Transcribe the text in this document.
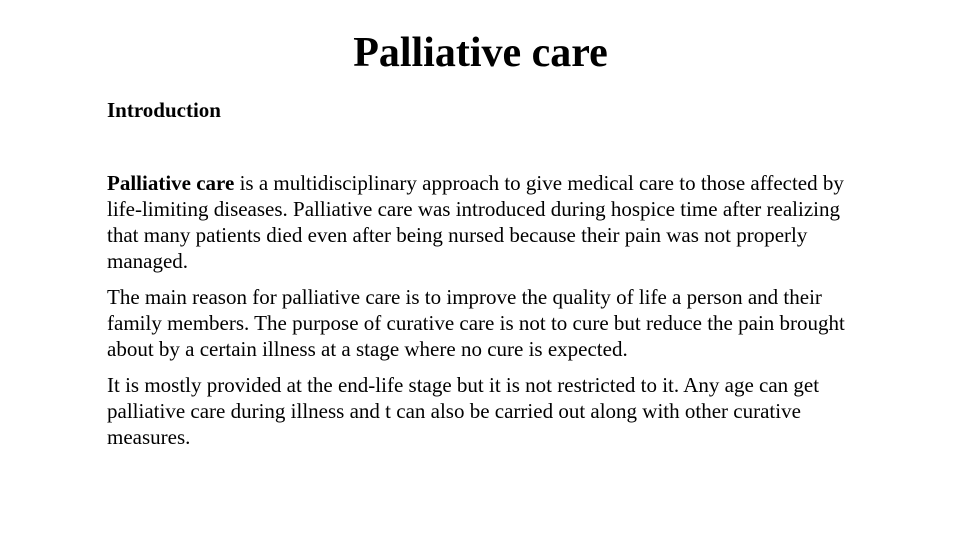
Palliative care

Introduction

Palliative care is a multidisciplinary approach to give medical care to those affected by life-limiting diseases. Palliative care was introduced during hospice time after realizing that many patients died even after being nursed because their pain was not properly managed.

The main reason for palliative care is to improve the quality of life a person and their family members. The purpose of curative care is not to cure but reduce the pain brought about by a certain illness at a stage where no cure is expected.

It is mostly provided at the end-life stage but it is not restricted to it. Any age can get palliative care during illness and t can also be carried out along with other curative measures.
